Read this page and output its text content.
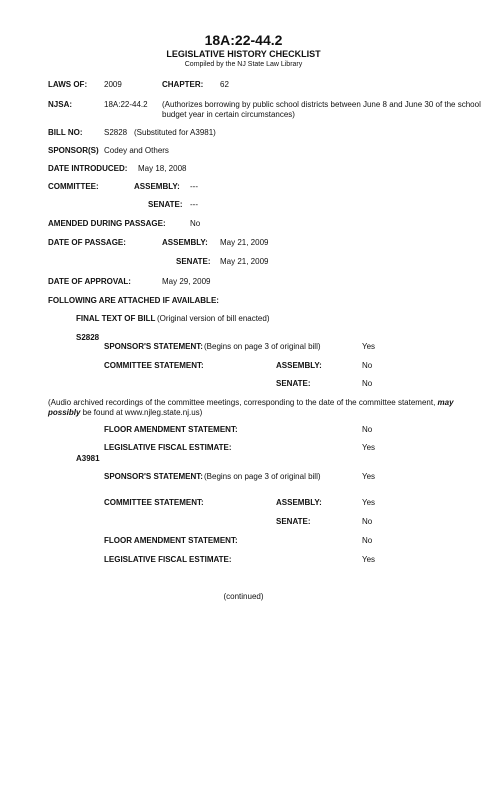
18A:22-44.2
LEGISLATIVE HISTORY CHECKLIST
Compiled by the NJ State Law Library
LAWS OF: 2009	CHAPTER: 62
NJSA:	18A:22-44.2 (Authorizes borrowing by public school districts between June 8 and June 30 of the school
budget year in certain circumstances)
BILL NO:	S2828 (Substituted for A3981)
SPONSOR(S) Codey and Others
DATE INTRODUCED: May 18, 2008
COMMITTEE:	ASSEMBLY: ---
SENATE: ---
AMENDED DURING PASSAGE:	No
DATE OF PASSAGE:	ASSEMBLY: May 21, 2009
SENATE: May 21, 2009
DATE OF APPROVAL:	May 29, 2009
FOLLOWING ARE ATTACHED IF AVAILABLE:
FINAL TEXT OF BILL (Original version of bill enacted)
S2828
SPONSOR'S STATEMENT: (Begins on page 3 of original bill)	Yes
COMMITTEE STATEMENT:	ASSEMBLY:	No
SENATE:	No
(Audio archived recordings of the committee meetings, corresponding to the date of the committee statement, may possibly be found at www.njleg.state.nj.us)
FLOOR AMENDMENT STATEMENT:	No
LEGISLATIVE FISCAL ESTIMATE:	Yes
A3981
SPONSOR'S STATEMENT: (Begins on page 3 of original bill)	Yes
COMMITTEE STATEMENT:	ASSEMBLY:	Yes
SENATE:	No
FLOOR AMENDMENT STATEMENT:	No
LEGISLATIVE FISCAL ESTIMATE:	Yes
(continued)
